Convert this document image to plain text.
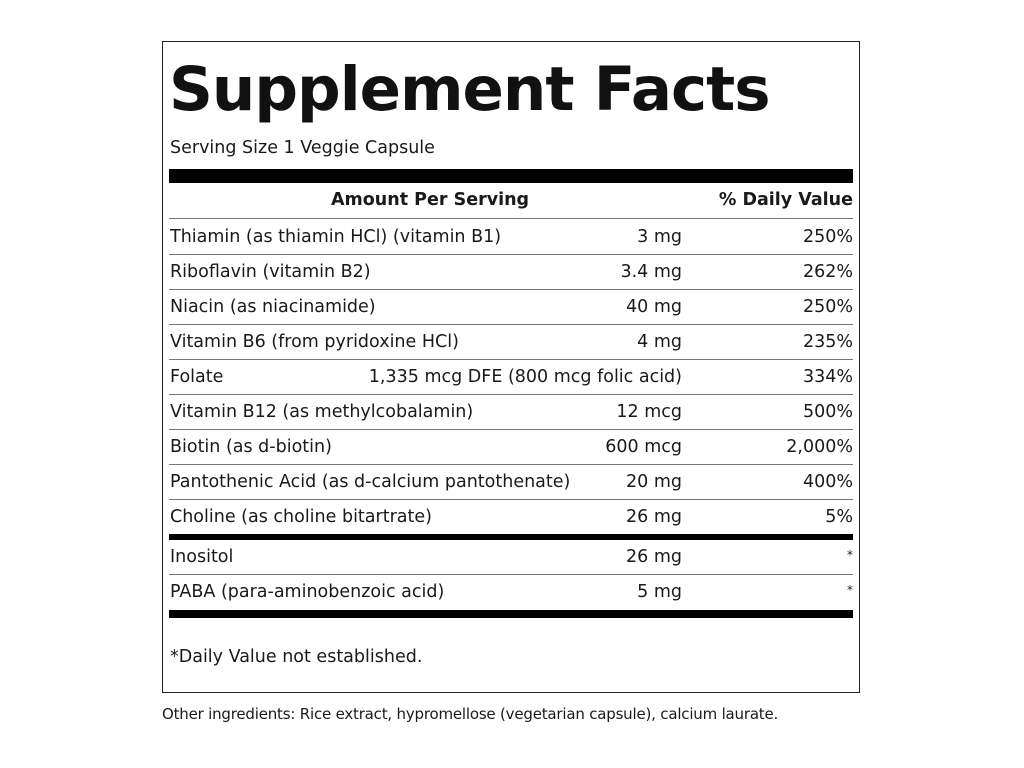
Supplement Facts
Serving Size 1 Veggie Capsule
Amount Per Serving	% Daily Value
Thiamin (as thiamin HCl) (vitamin B1)	3 mg	250%
Riboflavin (vitamin B2)	3.4 mg	262%
Niacin (as niacinamide)	40 mg	250%
Vitamin B6 (from pyridoxine HCl)	4 mg	235%
Folate	1,335 mcg DFE (800 mcg folic acid)	334%
Vitamin B12 (as methylcobalamin)	12 mcg	500%
Biotin (as d-biotin)	600 mcg	2,000%
Pantothenic Acid (as d-calcium pantothenate)	20 mg	400%
Choline (as choline bitartrate)	26 mg	5%
Inositol	26 mg	*
PABA (para-aminobenzoic acid)	5 mg	*
*Daily Value not established.
Other ingredients: Rice extract, hypromellose (vegetarian capsule), calcium laurate.
